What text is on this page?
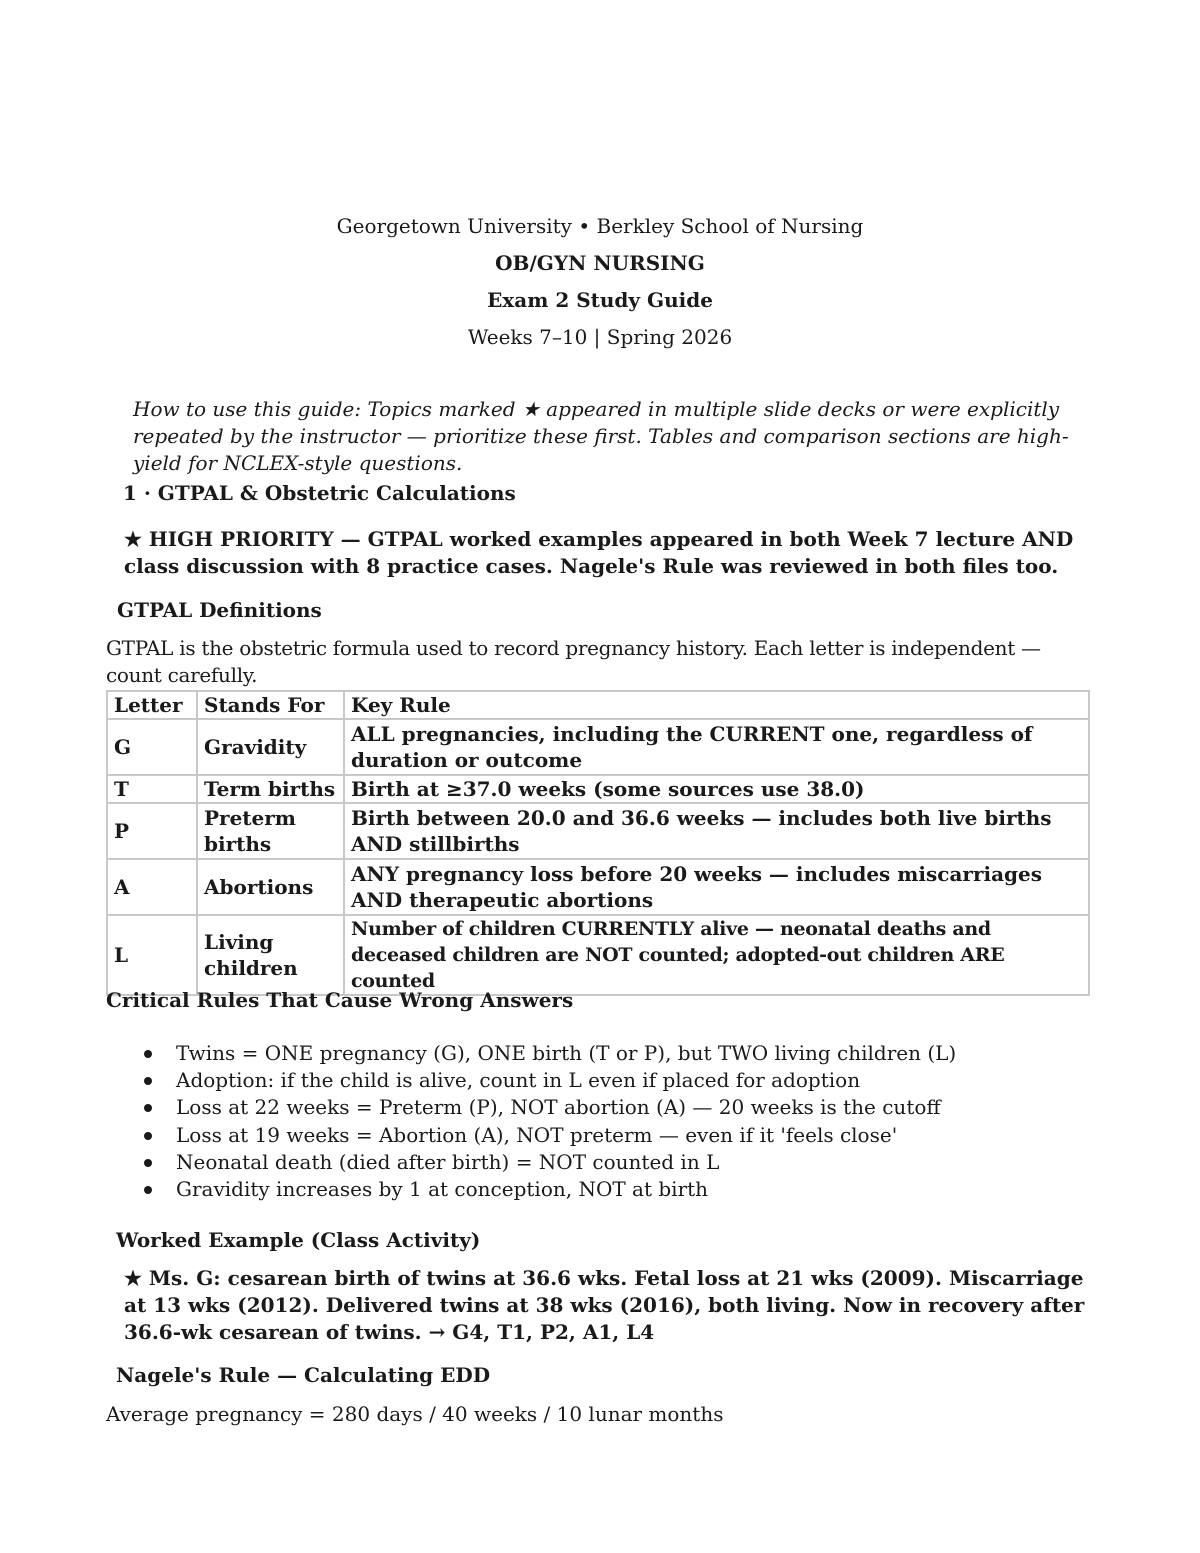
Georgetown University • Berkley School of Nursing
OB/GYN NURSING
Exam 2 Study Guide
Weeks 7–10 | Spring 2026
How to use this guide: Topics marked ★ appeared in multiple slide decks or were explicitly repeated by the instructor — prioritize these first. Tables and comparison sections are high-yield for NCLEX-style questions.
1 · GTPAL & Obstetric Calculations
★ HIGH PRIORITY — GTPAL worked examples appeared in both Week 7 lecture AND class discussion with 8 practice cases. Nagele's Rule was reviewed in both files too.
GTPAL Definitions
GTPAL is the obstetric formula used to record pregnancy history. Each letter is independent — count carefully.
Letter	Stands For	Key Rule
G	Gravidity	ALL pregnancies, including the CURRENT one, regardless of duration or outcome
T	Term births	Birth at ≥37.0 weeks (some sources use 38.0)
P	Preterm births	Birth between 20.0 and 36.6 weeks — includes both live births AND stillbirths
A	Abortions	ANY pregnancy loss before 20 weeks — includes miscarriages AND therapeutic abortions
L	Living children	Number of children CURRENTLY alive — neonatal deaths and deceased children are NOT counted; adopted-out children ARE counted
Critical Rules That Cause Wrong Answers
Twins = ONE pregnancy (G), ONE birth (T or P), but TWO living children (L)
Adoption: if the child is alive, count in L even if placed for adoption
Loss at 22 weeks = Preterm (P), NOT abortion (A) — 20 weeks is the cutoff
Loss at 19 weeks = Abortion (A), NOT preterm — even if it 'feels close'
Neonatal death (died after birth) = NOT counted in L
Gravidity increases by 1 at conception, NOT at birth
Worked Example (Class Activity)
★ Ms. G: cesarean birth of twins at 36.6 wks. Fetal loss at 21 wks (2009). Miscarriage at 13 wks (2012). Delivered twins at 38 wks (2016), both living. Now in recovery after 36.6-wk cesarean of twins. → G4, T1, P2, A1, L4
Nagele's Rule — Calculating EDD
Average pregnancy = 280 days / 40 weeks / 10 lunar months
